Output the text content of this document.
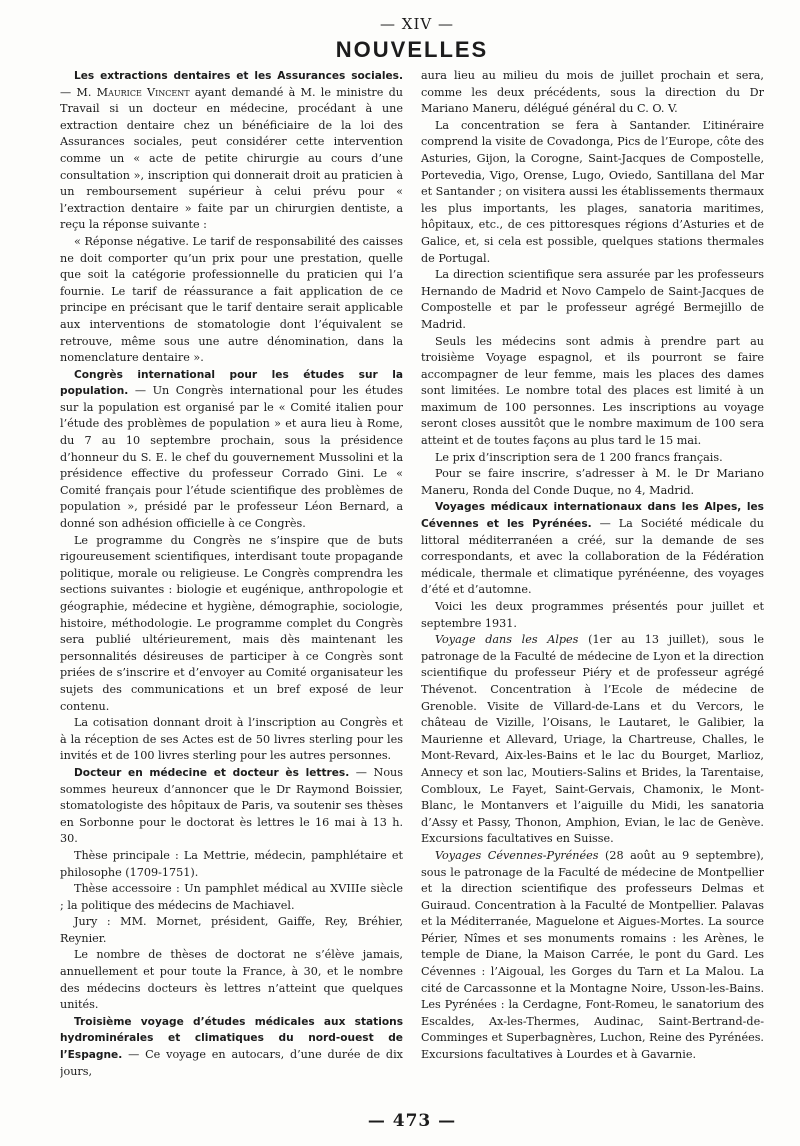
— XIV —
NOUVELLES

Les extractions dentaires et les Assurances sociales. — M. Maurice Vincent ayant demandé à M. le ministre du Travail si un docteur en médecine, procédant à une extraction dentaire chez un bénéficiaire de la loi des Assurances sociales, peut considérer cette intervention comme un « acte de petite chirurgie au cours d’une consultation », inscription qui donnerait droit au praticien à un remboursement supérieur à celui prévu pour « l’extraction dentaire » faite par un chirurgien dentiste, a reçu la réponse suivante :

« Réponse négative. Le tarif de responsabilité des caisses ne doit comporter qu’un prix pour une prestation, quelle que soit la catégorie professionnelle du praticien qui l’a fournie. Le tarif de réassurance a fait application de ce principe en précisant que le tarif dentaire serait applicable aux interventions de stomatologie dont l’équivalent se retrouve, même sous une autre dénomination, dans la nomenclature dentaire ».

Congrès international pour les études sur la population. — Un Congrès international pour les études sur la population est organisé par le « Comité italien pour l’étude des problèmes de population » et aura lieu à Rome, du 7 au 10 septembre prochain, sous la présidence d’honneur du S. E. le chef du gouvernement Mussolini et la présidence effective du professeur Corrado Gini. Le « Comité français pour l’étude scientifique des problèmes de population », présidé par le professeur Léon Bernard, a donné son adhésion officielle à ce Congrès.

Le programme du Congrès ne s’inspire que de buts rigoureusement scientifiques, interdisant toute propagande politique, morale ou religieuse. Le Congrès comprendra les sections suivantes : biologie et eugénique, anthropologie et géographie, médecine et hygiène, démographie, sociologie, histoire, méthodologie. Le programme complet du Congrès sera publié ultérieurement, mais dès maintenant les personnalités désireuses de participer à ce Congrès sont priées de s’inscrire et d’envoyer au Comité organisateur les sujets des communications et un bref exposé de leur contenu.

La cotisation donnant droit à l’inscription au Congrès et à la réception de ses Actes est de 50 livres sterling pour les invités et de 100 livres sterling pour les autres personnes.

Docteur en médecine et docteur ès lettres. — Nous sommes heureux d’annoncer que le Dr Raymond Boissier, stomatologiste des hôpitaux de Paris, va soutenir ses thèses en Sorbonne pour le doctorat ès lettres le 16 mai à 13 h. 30.

Thèse principale : La Mettrie, médecin, pamphlétaire et philosophe (1709-1751).

Thèse accessoire : Un pamphlet médical au XVIIIe siècle ; la politique des médecins de Machiavel.

Jury : MM. Mornet, président, Gaiffe, Rey, Bréhier, Reynier.

Le nombre de thèses de doctorat ne s’élève jamais, annuellement et pour toute la France, à 30, et le nombre des médecins docteurs ès lettres n’atteint que quelques unités.

Troisième voyage d’études médicales aux stations hydrominérales et climatiques du nord-ouest de l’Espagne. — Ce voyage en autocars, d’une durée de dix jours,

aura lieu au milieu du mois de juillet prochain et sera, comme les deux précédents, sous la direction du Dr Mariano Maneru, délégué général du C. O. V.

La concentration se fera à Santander. L’itinéraire comprend la visite de Covadonga, Pics de l’Europe, côte des Asturies, Gijon, la Corogne, Saint-Jacques de Compostelle, Portevedia, Vigo, Orense, Lugo, Oviedo, Santillana del Mar et Santander ; on visitera aussi les établissements thermaux les plus importants, les plages, sanatoria maritimes, hôpitaux, etc., de ces pittoresques régions d’Asturies et de Galice, et, si cela est possible, quelques stations thermales de Portugal.

La direction scientifique sera assurée par les professeurs Hernando de Madrid et Novo Campelo de Saint-Jacques de Compostelle et par le professeur agrégé Bermejillo de Madrid.

Seuls les médecins sont admis à prendre part au troisième Voyage espagnol, et ils pourront se faire accompagner de leur femme, mais les places des dames sont limitées. Le nombre total des places est limité à un maximum de 100 personnes. Les inscriptions au voyage seront closes aussitôt que le nombre maximum de 100 sera atteint et de toutes façons au plus tard le 15 mai.

Le prix d’inscription sera de 1 200 francs français.

Pour se faire inscrire, s’adresser à M. le Dr Mariano Maneru, Ronda del Conde Duque, no 4, Madrid.

Voyages médicaux internationaux dans les Alpes, les Cévennes et les Pyrénées. — La Société médicale du littoral méditerranéen a créé, sur la demande de ses correspondants, et avec la collaboration de la Fédération médicale, thermale et climatique pyrénéenne, des voyages d’été et d’automne.

Voici les deux programmes présentés pour juillet et septembre 1931.

Voyage dans les Alpes (1er au 13 juillet), sous le patronage de la Faculté de médecine de Lyon et la direction scientifique du professeur Piéry et de professeur agrégé Thévenot. Concentration à l’Ecole de médecine de Grenoble. Visite de Villard-de-Lans et du Vercors, le château de Vizille, l’Oisans, le Lautaret, le Galibier, la Maurienne et Allevard, Uriage, la Chartreuse, Challes, le Mont-Revard, Aix-les-Bains et le lac du Bourget, Marlioz, Annecy et son lac, Moutiers-Salins et Brides, la Tarentaise, Combloux, Le Fayet, Saint-Gervais, Chamonix, le Mont-Blanc, le Montanvers et l’aiguille du Midi, les sanatoria d’Assy et Passy, Thonon, Amphion, Evian, le lac de Genève. Excursions facultatives en Suisse.

Voyages Cévennes-Pyrénées (28 août au 9 septembre), sous le patronage de la Faculté de médecine de Montpellier et la direction scientifique des professeurs Delmas et Guiraud. Concentration à la Faculté de Montpellier. Palavas et la Méditerranée, Maguelone et Aigues-Mortes. La source Périer, Nîmes et ses monuments romains : les Arènes, le temple de Diane, la Maison Carrée, le pont du Gard. Les Cévennes : l’Aigoual, les Gorges du Tarn et La Malou. La cité de Carcassonne et la Montagne Noire, Usson-les-Bains. Les Pyrénées : la Cerdagne, Font-Romeu, le sanatorium des Escaldes, Ax-les-Thermes, Audinac, Saint-Bertrand-de-Comminges et Superbagnères, Luchon, Reine des Pyrénées. Excursions facultatives à Lourdes et à Gavarnie.

— 473 —
